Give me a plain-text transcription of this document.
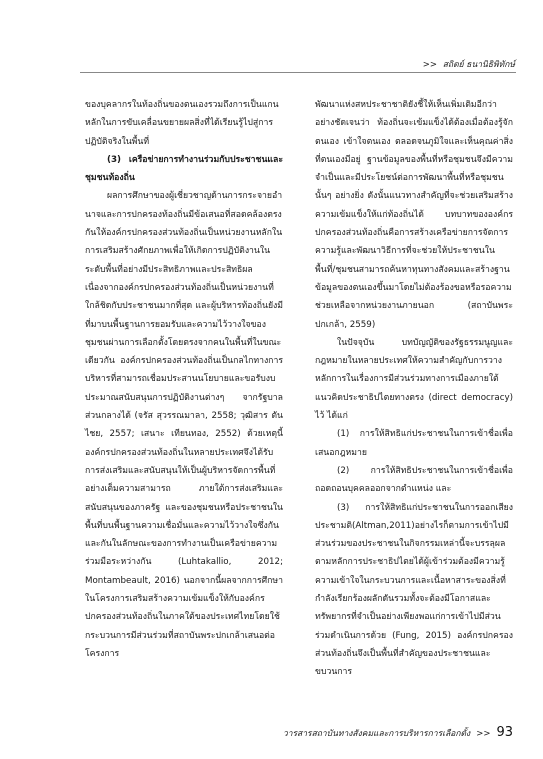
>> สถิตย์ ธนานิธิพิทักษ์

ของบุคลากรในท้องถิ่นของตนเองรวมถึงการเป็นแกนหลักในการขับเคลื่อนขยายผลสิ่งที่ได้เรียนรู้ไปสู่การปฏิบัติจริงในพื้นที่

(3) เครือข่ายการทำงานร่วมกับประชาชนและชุมชนท้องถิ่น

ผลการศึกษาของผู้เชี่ยวชาญด้านการกระจายอำนาจและการปกครองท้องถิ่นมีข้อเสนอที่สอดคล้องตรงกันให้องค์กรปกครองส่วนท้องถิ่นเป็นหน่วยงานหลักในการเสริมสร้างศักยภาพเพื่อให้เกิดการปฏิบัติงานในระดับพื้นที่อย่างมีประสิทธิภาพและประสิทธิผล เนื่องจากองค์กรปกครองส่วนท้องถิ่นเป็นหน่วยงานที่ใกล้ชิดกับประชาชนมากที่สุด และผู้บริหารท้องถิ่นยังมีที่มาบนพื้นฐานการยอมรับและความไว้วางใจของชุมชนผ่านการเลือกตั้งโดยตรงจากคนในพื้นที่ในขณะเดียวกัน องค์กรปกครองส่วนท้องถิ่นเป็นกลไกทางการบริหารที่สามารถเชื่อมประสานนโยบายและขอรับงบประมาณสนับสนุนการปฏิบัติงานต่างๆ จากรัฐบาลส่วนกลางได้ (จรัส สุวรรณมาลา, 2558; วุฒิสาร ตันไชย, 2557; เสนาะ เทียนทอง, 2552) ด้วยเหตุนี้ องค์กรปกครองส่วนท้องถิ่นในหลายประเทศจึงได้รับการส่งเสริมและสนับสนุนให้เป็นผู้บริหารจัดการพื้นที่อย่างเต็มความสามารถ ภายใต้การส่งเสริมและสนับสนุนของภาครัฐ และของชุมชนหรือประชาชนในพื้นที่บนพื้นฐานความเชื่อมั่นและความไว้วางใจซึ่งกันและกันในลักษณะของการทำงานเป็นเครือข่ายความร่วมมือระหว่างกัน (Luhtakallio, 2012; Montambeault, 2016) นอกจากนี้ผลจากการศึกษาในโครงการเสริมสร้างความเข้มแข็งให้กับองค์กรปกครองส่วนท้องถิ่นในภาคใต้ของประเทศไทยโดยใช้กระบวนการมีส่วนร่วมที่สถาบันพระปกเกล้าเสนอต่อโครงการ

พัฒนาแห่งสหประชาชาติยังชี้ให้เห็นเพิ่มเติมอีกว่าอย่างชัดเจนว่า ท้องถิ่นจะเข้มแข็งได้ต้องเมื่อต้องรู้จักตนเอง เข้าใจตนเอง ตลอดจนภูมิใจและเห็นคุณค่าสิ่งที่ตนเองมีอยู่ ฐานข้อมูลของพื้นที่หรือชุมชนจึงมีความจำเป็นและมีประโยชน์ต่อการพัฒนาพื้นที่หรือชุมชนนั้นๆ อย่างยิ่ง ดังนั้นแนวทางสำคัญที่จะช่วยเสริมสร้างความเข้มแข็งให้แก่ท้องถิ่นได้ บทบาทขององค์กรปกครองส่วนท้องถิ่นคือการสร้างเครือข่ายการจัดการความรู้และพัฒนาวิธีการที่จะช่วยให้ประชาชนในพื้นที่/ชุมชนสามารถค้นหาทุนทางสังคมและสร้างฐานข้อมูลของตนเองขึ้นมาโดยไม่ต้องร้องขอหรือรอความช่วยเหลือจากหน่วยงานภายนอก (สถาบันพระปกเกล้า, 2559)

ในปัจจุบัน บทบัญญัติของรัฐธรรมนูญและกฎหมายในหลายประเทศให้ความสำคัญกับการวางหลักการในเรื่องการมีส่วนร่วมทางการเมืองภายใต้แนวคิดประชาธิปไตยทางตรง (direct democracy) ไว้ ได้แก่

(1) การให้สิทธิแก่ประชาชนในการเข้าชื่อเพื่อเสนอกฎหมาย

(2) การให้สิทธิประชาชนในการเข้าชื่อเพื่อถอดถอนบุคคลออกจากตำแหน่ง และ

(3) การให้สิทธิแก่ประชาชนในการออกเสียงประชามติ(Altman,2011)อย่างไรก็ตามการเข้าไปมีส่วนร่วมของประชาชนในกิจกรรมเหล่านี้จะบรรลุผลตามหลักการประชาธิปไตยได้ผู้เข้าร่วมต้องมีความรู้ความเข้าใจในกระบวนการและเนื้อหาสาระของสิ่งที่กำลังเรียกร้องผลักดันรวมทั้งจะต้องมีโอกาสและทรัพยากรที่จำเป็นอย่างเพียงพอแก่การเข้าไปมีส่วนร่วมดำเนินการด้วย (Fung, 2015) องค์กรปกครองส่วนท้องถิ่นจึงเป็นพื้นที่สำคัญของประชาชนและขบวนการ

วารสารสถาบันทางสังคมและการบริหารการเลือกตั้ง >> 93
